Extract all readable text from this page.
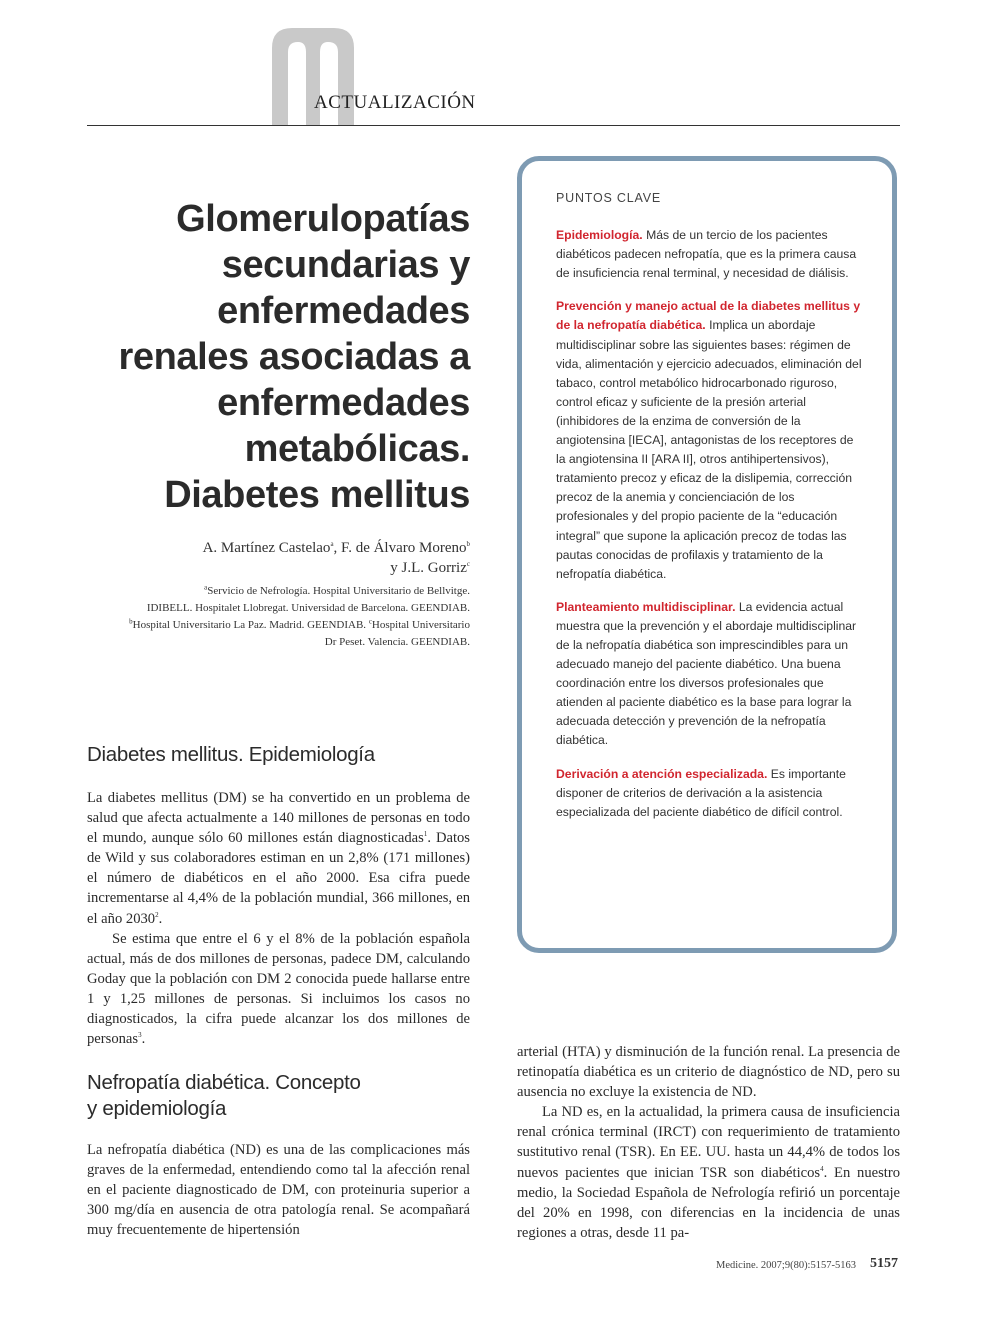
ACTUALIZACIÓN
Glomerulopatías secundarias y enfermedades renales asociadas a enfermedades metabólicas. Diabetes mellitus
A. Martínez Castelao$^a$, F. de Álvaro Moreno$^b$
y J.L. Gorriz$^c$
$^a$Servicio de Nefrología. Hospital Universitario de Bellvitge.
IDIBELL. Hospitalet Llobregat. Universidad de Barcelona. GEENDIAB.
$^b$Hospital Universitario La Paz. Madrid. GEENDIAB. $^c$Hospital Universitario
Dr Peset. Valencia. GEENDIAB.
PUNTOS CLAVE
Epidemiología. Más de un tercio de los pacientes diabéticos padecen nefropatía, que es la primera causa de insuficiencia renal terminal, y necesidad de diálisis.
Prevención y manejo actual de la diabetes mellitus y de la nefropatía diabética. Implica un abordaje multidisciplinar sobre las siguientes bases: régimen de vida, alimentación y ejercicio adecuados, eliminación del tabaco, control metabólico hidrocarbonado riguroso, control eficaz y suficiente de la presión arterial (inhibidores de la enzima de conversión de la angiotensina [IECA], antagonistas de los receptores de la angiotensina II [ARA II], otros antihipertensivos), tratamiento precoz y eficaz de la dislipemia, corrección precoz de la anemia y concienciación de los profesionales y del propio paciente de la “educación integral” que supone la aplicación precoz de todas las pautas conocidas de profilaxis y tratamiento de la nefropatía diabética.
Planteamiento multidisciplinar. La evidencia actual muestra que la prevención y el abordaje multidisciplinar de la nefropatía diabética son imprescindibles para un adecuado manejo del paciente diabético. Una buena coordinación entre los diversos profesionales que atienden al paciente diabético es la base para lograr la adecuada detección y prevención de la nefropatía diabética.
Derivación a atención especializada. Es importante disponer de criterios de derivación a la asistencia especializada del paciente diabético de difícil control.
Diabetes mellitus. Epidemiología

La diabetes mellitus (DM) se ha convertido en un problema de salud que afecta actualmente a 140 millones de personas en todo el mundo, aunque sólo 60 millones están diagnosticadas$^1$. Datos de Wild y sus colaboradores estiman en un 2,8% (171 millones) el número de diabéticos en el año 2000. Esa cifra puede incrementarse al 4,4% de la población mundial, 366 millones, en el año 2030$^2$.

Se estima que entre el 6 y el 8% de la población española actual, más de dos millones de personas, padece DM, calculando Goday que la población con DM 2 conocida puede hallarse entre 1 y 1,25 millones de personas. Si incluimos los casos no diagnosticados, la cifra puede alcanzar los dos millones de personas$^3$.

Nefropatía diabética. Concepto
y epidemiología

La nefropatía diabética (ND) es una de las complicaciones más graves de la enfermedad, entendiendo como tal la afección renal en el paciente diagnosticado de DM, con proteinuria superior a 300 mg/día en ausencia de otra patología renal. Se acompañará muy frecuentemente de hipertensión

arterial (HTA) y disminución de la función renal. La presencia de retinopatía diabética es un criterio de diagnóstico de ND, pero su ausencia no excluye la existencia de ND.

La ND es, en la actualidad, la primera causa de insuficiencia renal crónica terminal (IRCT) con requerimiento de tratamiento sustitutivo renal (TSR). En EE. UU. hasta un 44,4% de todos los nuevos pacientes que inician TSR son diabéticos$^4$. En nuestro medio, la Sociedad Española de Nefrología refirió un porcentaje del 20% en 1998, con diferencias en la incidencia de unas regiones a otras, desde 11 pa-

Medicine. 2007;9(80):5157-5163 5157
